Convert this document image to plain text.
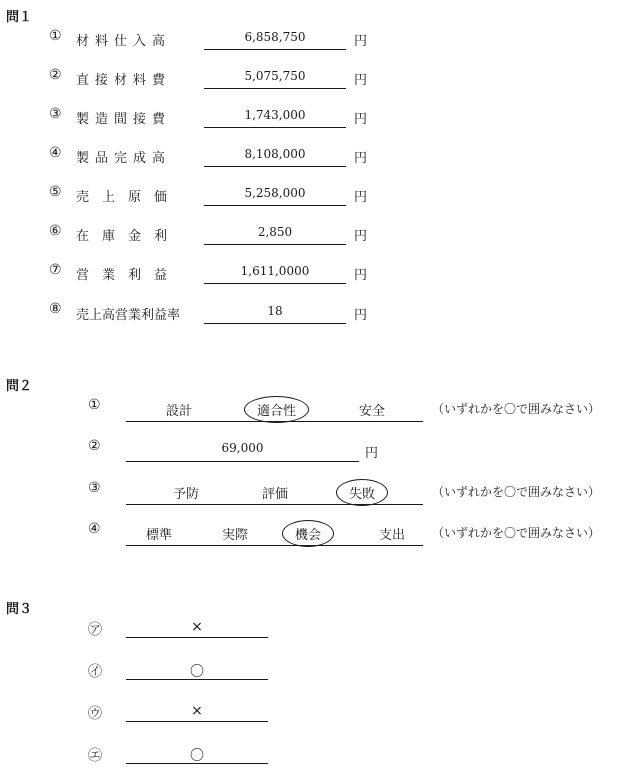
問１
① 材料仕入高	6,858,750	円
② 直接材料費	5,075,750	円
③ 製造間接費	1,743,000	円
④ 製品完成高	8,108,000	円
⑤ 売上原価	5,258,000	円
⑥ 在庫金利	2,850	円
⑦ 営業利益	1,611,0000	円
⑧ 売上高営業利益率	18	円
問２
①	設計	適合性	安全	（いずれかを〇で囲みなさい）
②	69,000	円
③	予防	評価	失敗	（いずれかを〇で囲みなさい）
④	標準	実際	機会	支出 （いずれかを〇で囲みなさい）
問３
㋐	×
㋑	〇
㋒	×
㋓	〇
